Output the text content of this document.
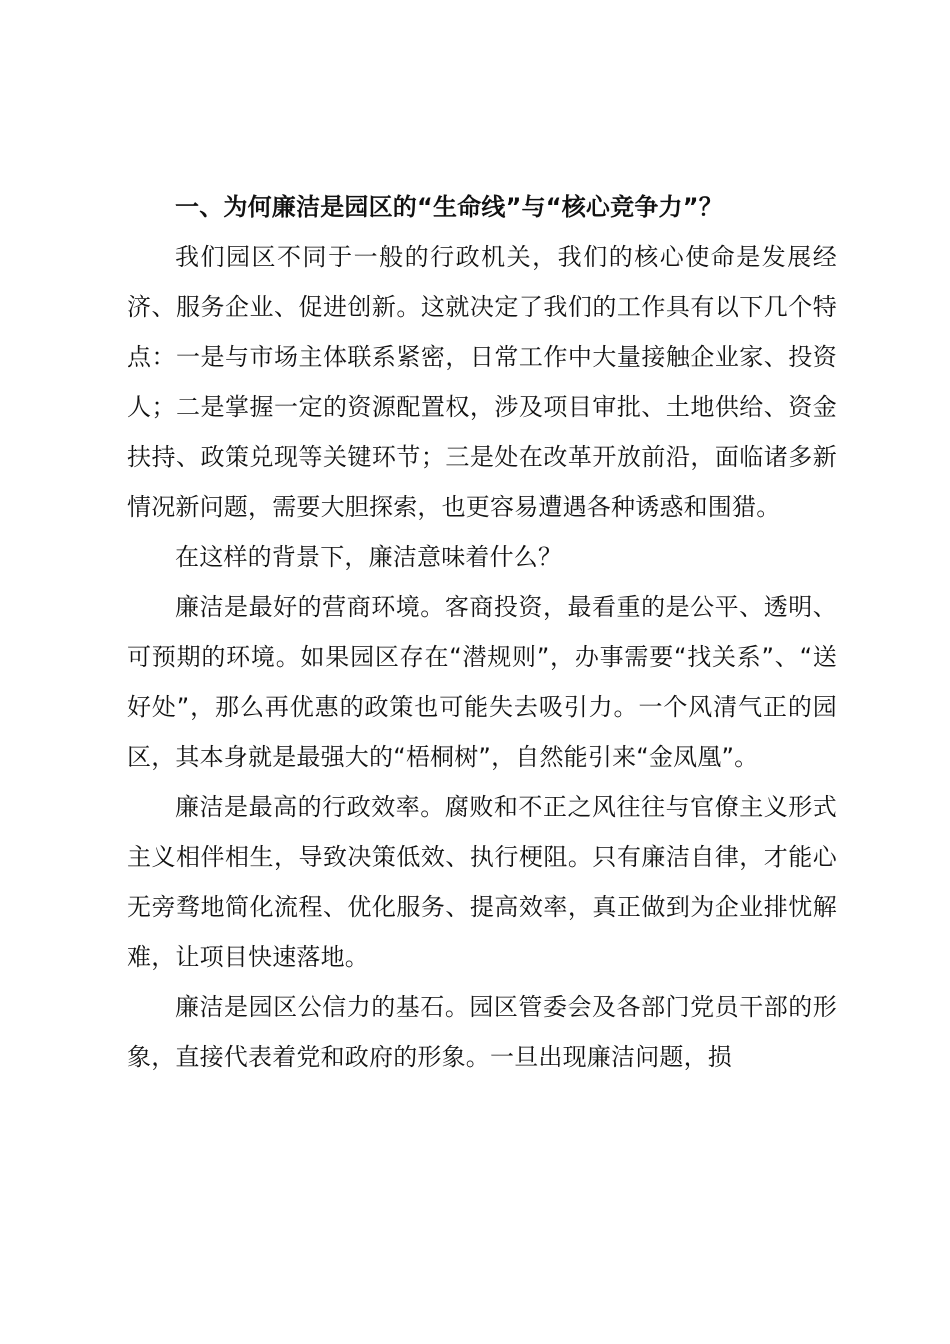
一、为何廉洁是园区的“生命线”与“核心竞争力”？

我们园区不同于一般的行政机关，我们的核心使命是发展经济、服务企业、促进创新。这就决定了我们的工作具有以下几个特点：一是与市场主体联系紧密，日常工作中大量接触企业家、投资人；二是掌握一定的资源配置权，涉及项目审批、土地供给、资金扶持、政策兑现等关键环节；三是处在改革开放前沿，面临诸多新情况新问题，需要大胆探索，也更容易遭遇各种诱惑和围猎。

在这样的背景下，廉洁意味着什么？

廉洁是最好的营商环境。客商投资，最看重的是公平、透明、可预期的环境。如果园区存在“潜规则”，办事需要“找关系”、“送好处”，那么再优惠的政策也可能失去吸引力。一个风清气正的园区，其本身就是最强大的“梧桐树”，自然能引来“金凤凰”。

廉洁是最高的行政效率。腐败和不正之风往往与官僚主义形式主义相伴相生，导致决策低效、执行梗阻。只有廉洁自律，才能心无旁骛地简化流程、优化服务、提高效率，真正做到为企业排忧解难，让项目快速落地。

廉洁是园区公信力的基石。园区管委会及各部门党员干部的形象，直接代表着党和政府的形象。一旦出现廉洁问题，损
